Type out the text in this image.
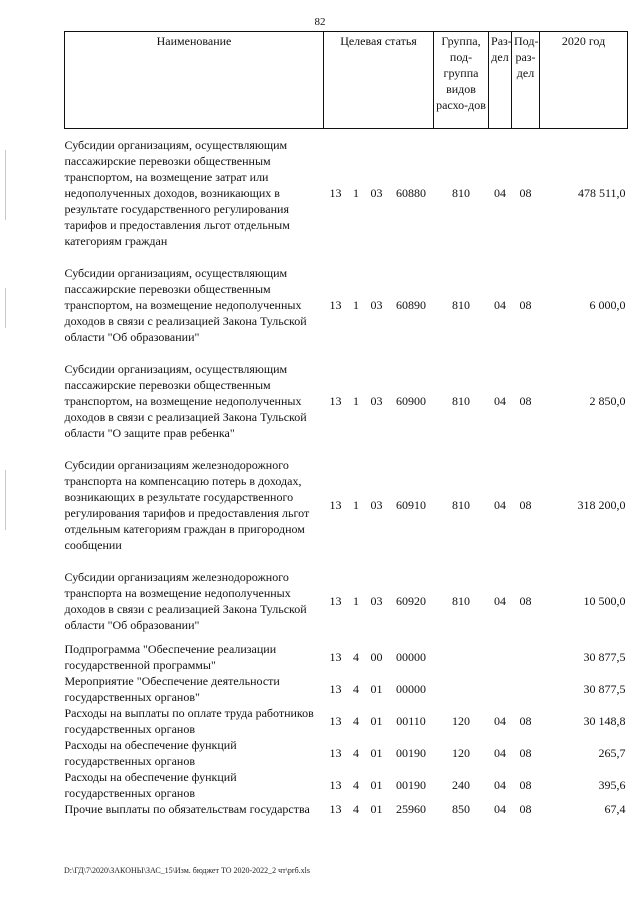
82
Наименование	Целевая статья				Группа, под-группа видов расхо-дов	Раз-дел	Под-раз-дел	2020 год
Субсидии организациям, осуществляющим пассажирские перевозки общественным транспортом, на возмещение затрат или недополученных доходов, возникающих в результате государственного регулирования тарифов и предоставления льгот отдельным категориям граждан	13	1	03	60880	810	04	08	478 511,0
Субсидии организациям, осуществляющим пассажирские перевозки общественным транспортом, на возмещение недополученных доходов в связи с реализацией Закона Тульской области "Об образовании"	13	1	03	60890	810	04	08	6 000,0
Субсидии организациям, осуществляющим пассажирские перевозки общественным транспортом, на возмещение недополученных доходов в связи с реализацией Закона Тульской области "О защите прав ребенка"	13	1	03	60900	810	04	08	2 850,0
Субсидии организациям железнодорожного транспорта на компенсацию потерь в доходах, возникающих в результате государственного регулирования тарифов и предоставления льгот отдельным категориям граждан в пригородном сообщении	13	1	03	60910	810	04	08	318 200,0
Субсидии организациям железнодорожного транспорта на возмещение недополученных доходов в связи с реализацией Закона Тульской области "Об образовании"	13	1	03	60920	810	04	08	10 500,0
Подпрограмма "Обеспечение реализации государственной программы"	13	4	00	00000				30 877,5
Мероприятие "Обеспечение деятельности государственных органов"	13	4	01	00000				30 877,5
Расходы на выплаты по оплате труда работников государственных органов	13	4	01	00110	120	04	08	30 148,8
Расходы на обеспечение функций государственных органов	13	4	01	00190	120	04	08	265,7
Расходы на обеспечение функций государственных органов	13	4	01	00190	240	04	08	395,6
Прочие выплаты по обязательствам государства	13	4	01	25960	850	04	08	67,4
D:\ГД\7\2020\ЗАКОНЫ\ЗАС_15\Изм. бюджет ТО 2020-2022_2 чт\prб.xls
